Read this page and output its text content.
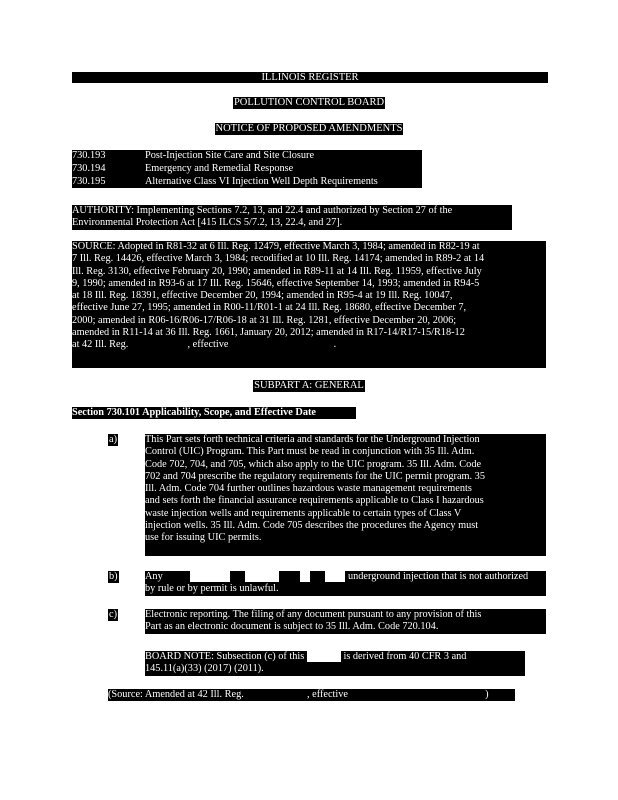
ILLINOIS REGISTER
POLLUTION CONTROL BOARD
NOTICE OF PROPOSED AMENDMENTS
730.193	Post-Injection Site Care and Site Closure
730.194	Emergency and Remedial Response
730.195	Alternative Class VI Injection Well Depth Requirements
AUTHORITY: Implementing Sections 7.2, 13, and 22.4 and authorized by Section 27 of the
Environmental Protection Act [415 ILCS 5/7.2, 13, 22.4, and 27].
SOURCE: Adopted in R81-32 at 6 Ill. Reg. 12479, effective March 3, 1984; amended in R82-19 at
7 Ill. Reg. 14426, effective March 3, 1984; recodified at 10 Ill. Reg. 14174; amended in R89-2 at 14
Ill. Reg. 3130, effective February 20, 1990; amended in R89-11 at 14 Ill. Reg. 11959, effective July
9, 1990; amended in R93-6 at 17 Ill. Reg. 15646, effective September 14, 1993; amended in R94-5
at 18 Ill. Reg. 18391, effective December 20, 1994; amended in R95-4 at 19 Ill. Reg. 10047,
effective June 27, 1995; amended in R00-11/R01-1 at 24 Ill. Reg. 18680, effective December 7,
2000; amended in R06-16/R06-17/R06-18 at 31 Ill. Reg. 1281, effective December 20, 2006;
amended in R11-14 at 36 Ill. Reg. 1661, January 20, 2012; amended in R17-14/R17-15/R18-12
at 42 Ill. Reg.	, effective	.
SUBPART A: GENERAL
Section 730.101 Applicability, Scope, and Effective Date
a)	This Part sets forth technical criteria and standards for the Underground Injection
Control (UIC) Program. This Part must be read in conjunction with 35 Ill. Adm.
Code 702, 704, and 705, which also apply to the UIC program. 35 Ill. Adm. Code
702 and 704 prescribe the regulatory requirements for the UIC permit program. 35
Ill. Adm. Code 704 further outlines hazardous waste management requirements
and sets forth the financial assurance requirements applicable to Class I hazardous
waste injection wells and requirements applicable to certain types of Class V
injection wells. 35 Ill. Adm. Code 705 describes the procedures the Agency must
use for issuing UIC permits.
b)	Any	underground injection that is not authorized
by rule or by permit is unlawful.
c)	Electronic reporting. The filing of any document pursuant to any provision of this
Part as an electronic document is subject to 35 Ill. Adm. Code 720.104.
BOARD NOTE: Subsection (c) of this	is derived from 40 CFR 3 and
145.11(a)(33) (2017) (2011).
(Source: Amended at 42 Ill. Reg.	, effective	)
